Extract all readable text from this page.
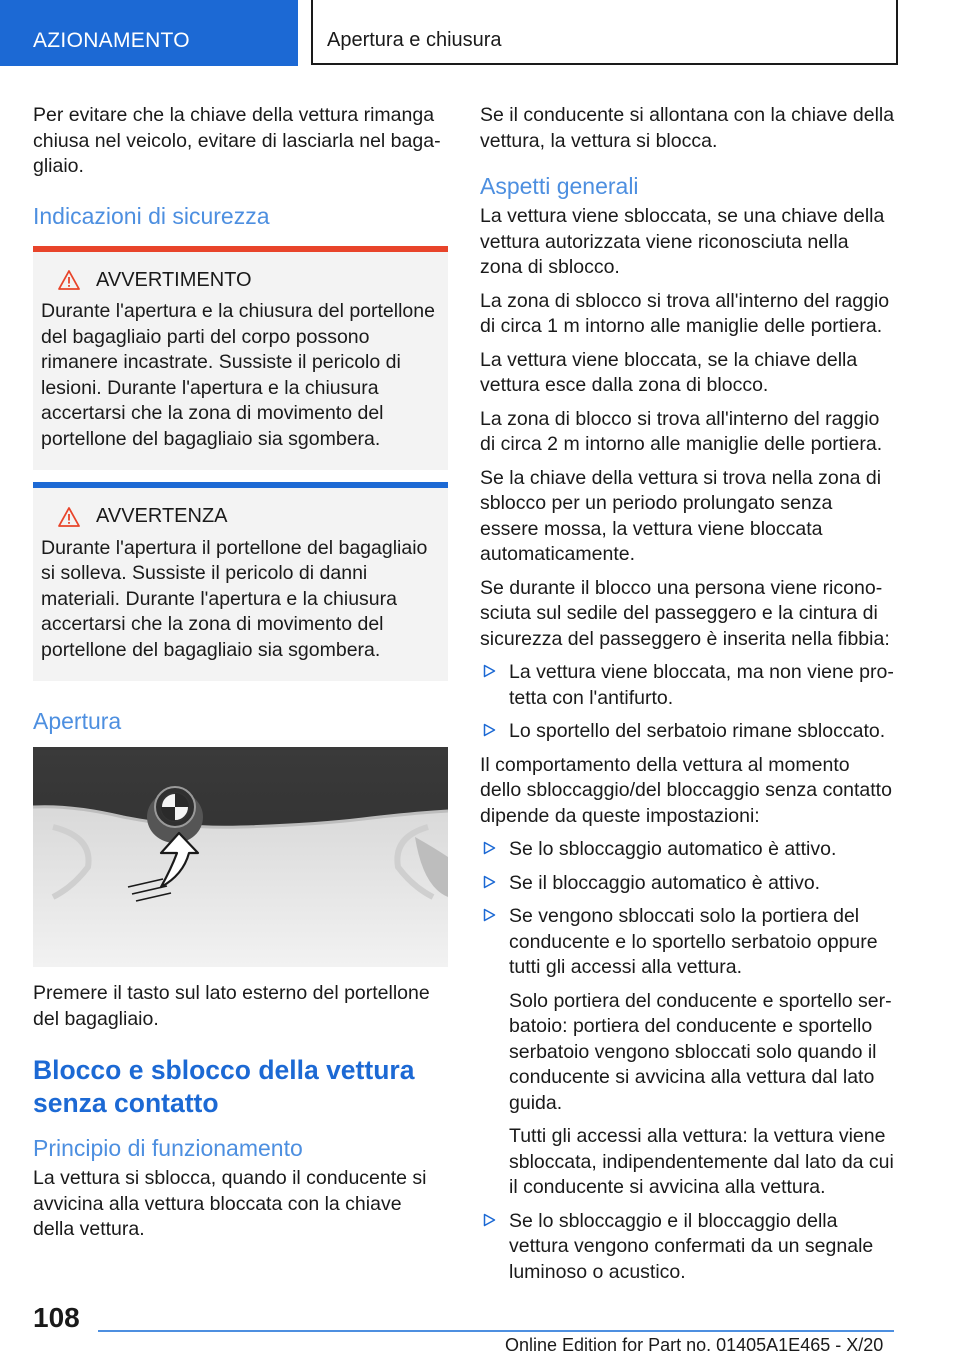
AZIONAMENTO	Apertura e chiusura

Per evitare che la chiave della vettura rimanga chiusa nel veicolo, evitare di lasciarla nel bagagliaio.

Indicazioni di sicurezza
AVVERTIMENTO
Durante l'apertura e la chiusura del portellone del bagagliaio parti del corpo possono rimanere incastrate. Sussiste il pericolo di lesioni. Durante l'apertura e la chiusura accertarsi che la zona di movimento del portellone del bagagliaio sia sgombera.
AVVERTENZA
Durante l'apertura il portellone del bagagliaio si solleva. Sussiste il pericolo di danni materiali. Durante l'apertura e la chiusura accertarsi che la zona di movimento del portellone del bagagliaio sia sgombera.
Apertura

Premere il tasto sul lato esterno del portellone del bagagliaio.

Blocco e sblocco della vettura senza contatto
Principio di funzionamento

La vettura si sblocca, quando il conducente si avvicina alla vettura bloccata con la chiave della vettura.

Se il conducente si allontana con la chiave della vettura, la vettura si blocca.

Aspetti generali

La vettura viene sbloccata, se una chiave della vettura autorizzata viene riconosciuta nella zona di sblocco.

La zona di sblocco si trova all'interno del raggio di circa 1 m intorno alle maniglie delle portiera.

La vettura viene bloccata, se la chiave della vettura esce dalla zona di blocco.

La zona di blocco si trova all'interno del raggio di circa 2 m intorno alle maniglie delle portiera.

Se la chiave della vettura si trova nella zona di sblocco per un periodo prolungato senza essere mossa, la vettura viene bloccata automaticamente.

Se durante il blocco una persona viene riconosciuta sul sedile del passeggero e la cintura di sicurezza del passeggero è inserita nella fibbia:

La vettura viene bloccata, ma non viene protetta con l'antifurto.
Lo sportello del serbatoio rimane sbloccato.

Il comportamento della vettura al momento dello sbloccaggio/del bloccaggio senza contatto dipende da queste impostazioni:

Se lo sbloccaggio automatico è attivo.
Se il bloccaggio automatico è attivo.
Se vengono sbloccati solo la portiera del conducente e lo sportello serbatoio oppure tutti gli accessi alla vettura.
Solo portiera del conducente e sportello serbatoio: portiera del conducente e sportello serbatoio vengono sbloccati solo quando il conducente si avvicina alla vettura dal lato guida.
Tutti gli accessi alla vettura: la vettura viene sbloccata, indipendentemente dal lato da cui il conducente si avvicina alla vettura.
Se lo sbloccaggio e il bloccaggio della vettura vengono confermati da un segnale luminoso o acustico.
108
Online Edition for Part no. 01405A1E465 - X/20
